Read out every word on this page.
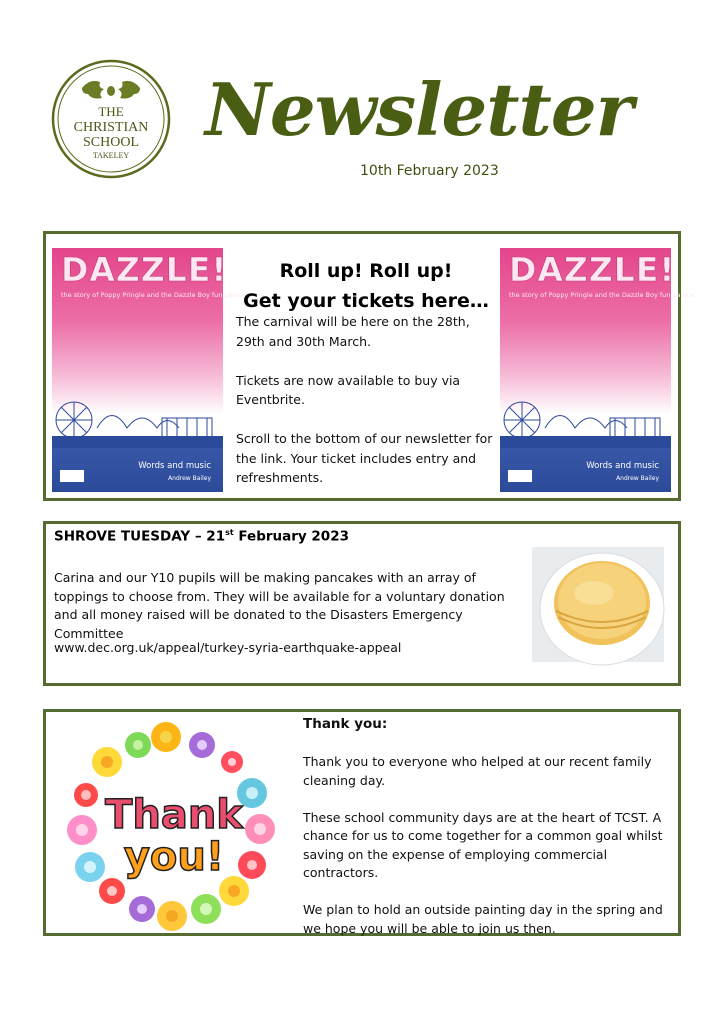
THE
CHRISTIAN
SCHOOL
TAKELEY
Newsletter
10th February 2023
DAZZLE!
the story of Poppy Pringle and the Dazzle Boy fun palace
Words and music
Andrew Bailey
Roll up! Roll up!
Get your tickets here…

The carnival will be here on the 28th, 29th and 30th March.

Tickets are now available to buy via Eventbrite.

Scroll to the bottom of our newsletter for the link. Your ticket includes entry and refreshments.

DAZZLE!
the story of Poppy Pringle and the Dazzle Boy fun palace
Words and music
Andrew Bailey
SHROVE TUESDAY – 21st February 2023
Carina and our Y10 pupils will be making pancakes with an array of toppings to choose from. They will be available for a voluntary donation and all money raised will be donated to the Disasters Emergency Committee
www.dec.org.uk/appeal/turkey-syria-earthquake-appeal
Thank
you!
Thank you:

Thank you to everyone who helped at our recent family cleaning day.

These school community days are at the heart of TCST. A chance for us to come together for a common goal whilst saving on the expense of employing commercial contractors.

We plan to hold an outside painting day in the spring and we hope you will be able to join us then.
